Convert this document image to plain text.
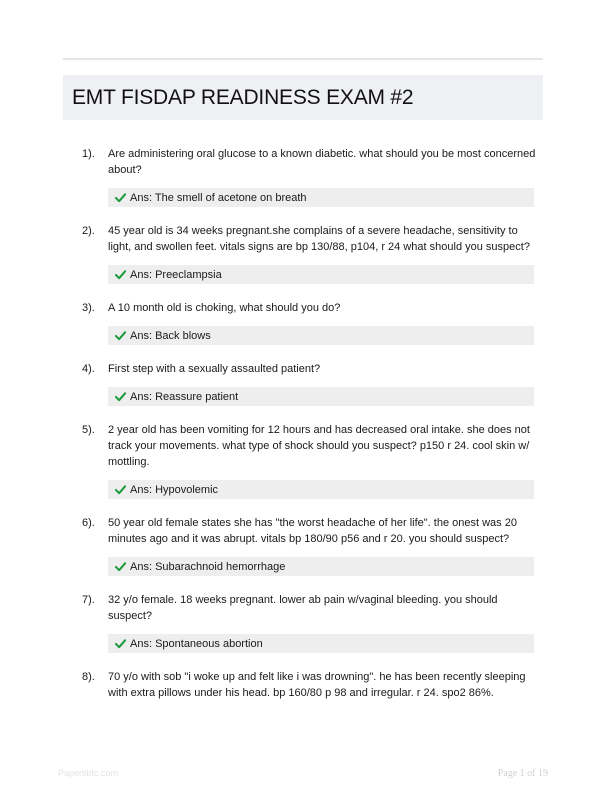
EMT FISDAP READINESS EXAM #2
1). Are administering oral glucose to a known diabetic. what should you be most concerned about?
Ans: The smell of acetone on breath
2). 45 year old is 34 weeks pregnant.she complains of a severe headache, sensitivity to light, and swollen feet. vitals signs are bp 130/88, p104, r 24 what should you suspect?
Ans: Preeclampsia
3). A 10 month old is choking, what should you do?
Ans: Back blows
4). First step with a sexually assaulted patient?
Ans: Reassure patient
5). 2 year old has been vomiting for 12 hours and has decreased oral intake. she does not track your movements. what type of shock should you suspect? p150 r 24. cool skin w/ mottling.
Ans: Hypovolemic
6). 50 year old female states she has "the worst headache of her life". the onest was 20 minutes ago and it was abrupt. vitals bp 180/90 p56 and r 20. you should suspect?
Ans: Subarachnoid hemorrhage
7). 32 y/o female. 18 weeks pregnant. lower ab pain w/vaginal bleeding. you should suspect?
Ans: Spontaneous abortion
8). 70 y/o with sob "i woke up and felt like i was drowning". he has been recently sleeping with extra pillows under his head. bp 160/80 p 98 and irregular. r 24. spo2 86%.
Papersbtc.com	Page 1 of 19
